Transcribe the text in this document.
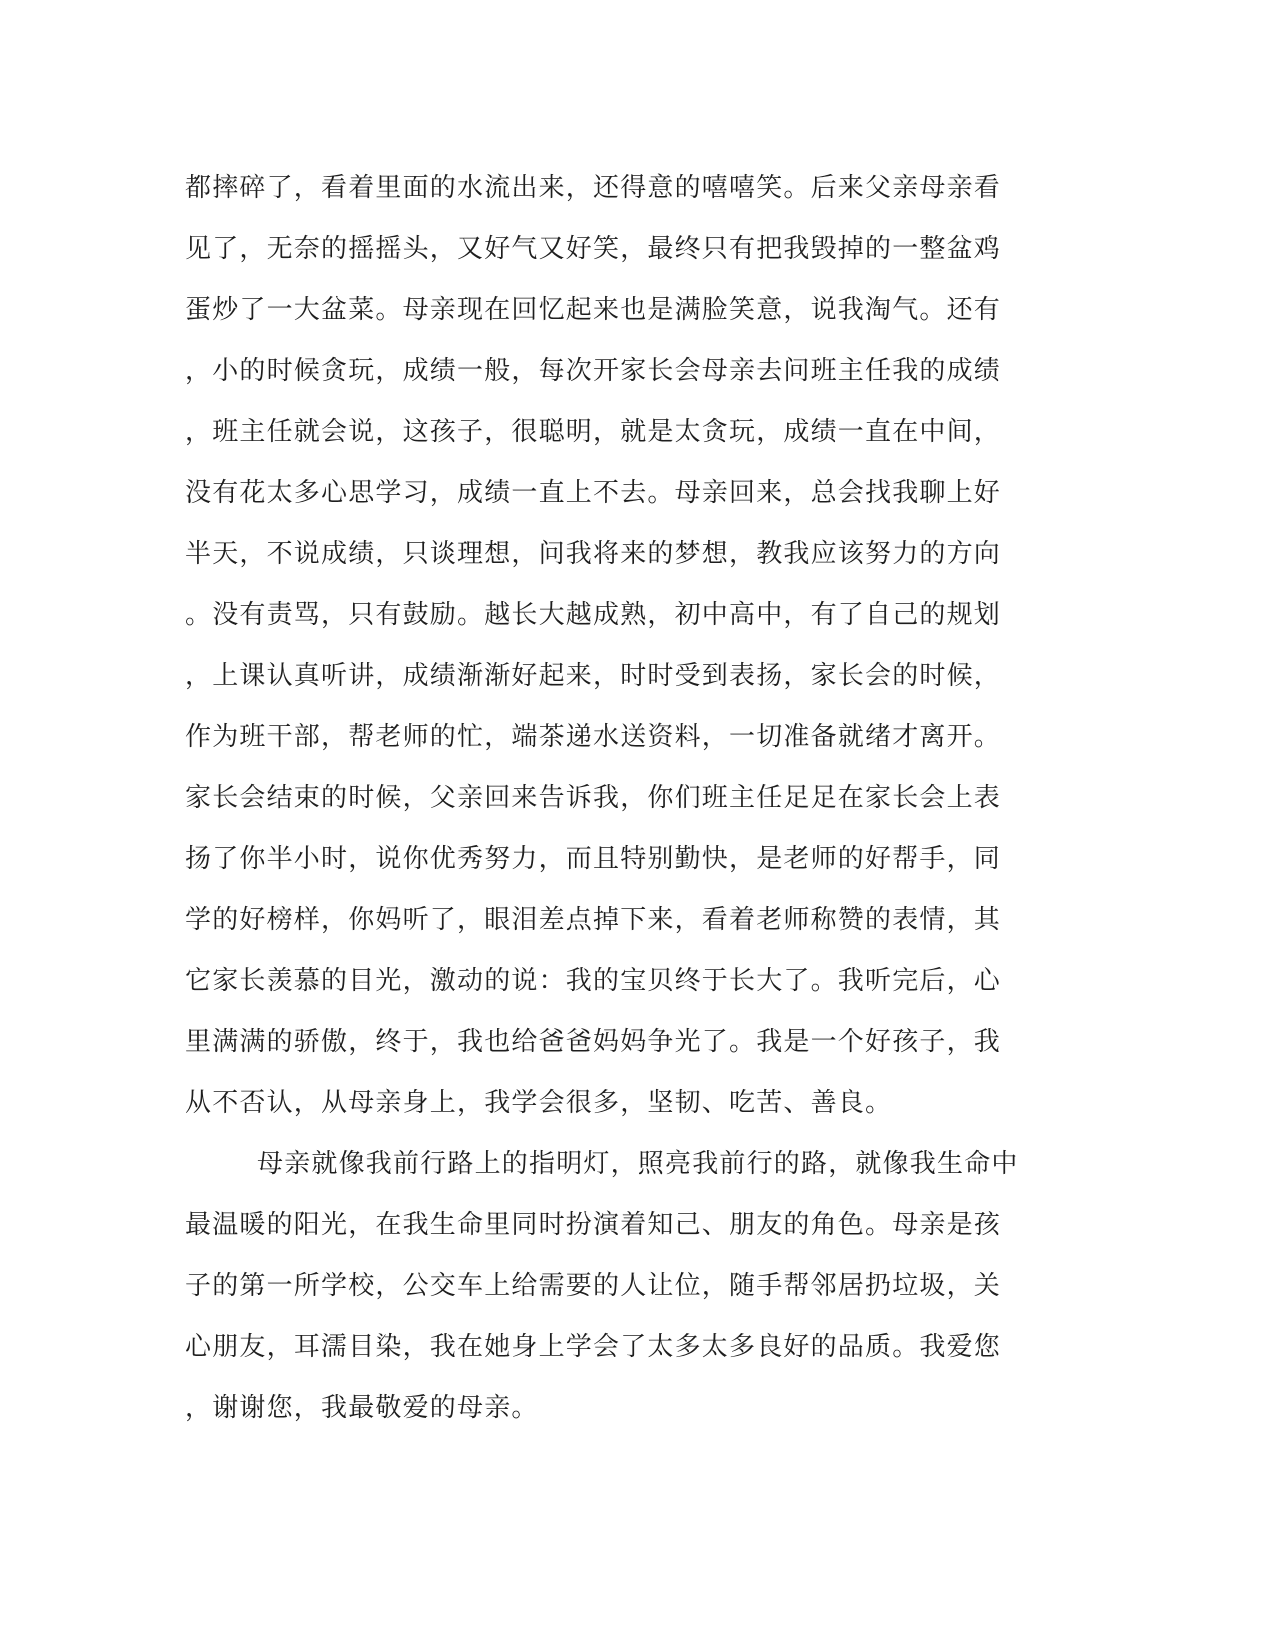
都摔碎了，看着里面的水流出来，还得意的嘻嘻笑。后来父亲母亲看
见了，无奈的摇摇头，又好气又好笑，最终只有把我毁掉的一整盆鸡
蛋炒了一大盆菜。母亲现在回忆起来也是满脸笑意，说我淘气。还有
，小的时候贪玩，成绩一般，每次开家长会母亲去问班主任我的成绩
，班主任就会说，这孩子，很聪明，就是太贪玩，成绩一直在中间，
没有花太多心思学习，成绩一直上不去。母亲回来，总会找我聊上好
半天，不说成绩，只谈理想，问我将来的梦想，教我应该努力的方向
。没有责骂，只有鼓励。越长大越成熟，初中高中，有了自己的规划
，上课认真听讲，成绩渐渐好起来，时时受到表扬，家长会的时候，
作为班干部，帮老师的忙，端茶递水送资料，一切准备就绪才离开。
家长会结束的时候，父亲回来告诉我，你们班主任足足在家长会上表
扬了你半小时，说你优秀努力，而且特别勤快，是老师的好帮手，同
学的好榜样，你妈听了，眼泪差点掉下来，看着老师称赞的表情，其
它家长羡慕的目光，激动的说：我的宝贝终于长大了。我听完后，心
里满满的骄傲，终于，我也给爸爸妈妈争光了。我是一个好孩子，我
从不否认，从母亲身上，我学会很多，坚韧、吃苦、善良。
母亲就像我前行路上的指明灯，照亮我前行的路，就像我生命中
最温暖的阳光，在我生命里同时扮演着知己、朋友的角色。母亲是孩
子的第一所学校，公交车上给需要的人让位，随手帮邻居扔垃圾，关
心朋友，耳濡目染，我在她身上学会了太多太多良好的品质。我爱您
，谢谢您，我最敬爱的母亲。
